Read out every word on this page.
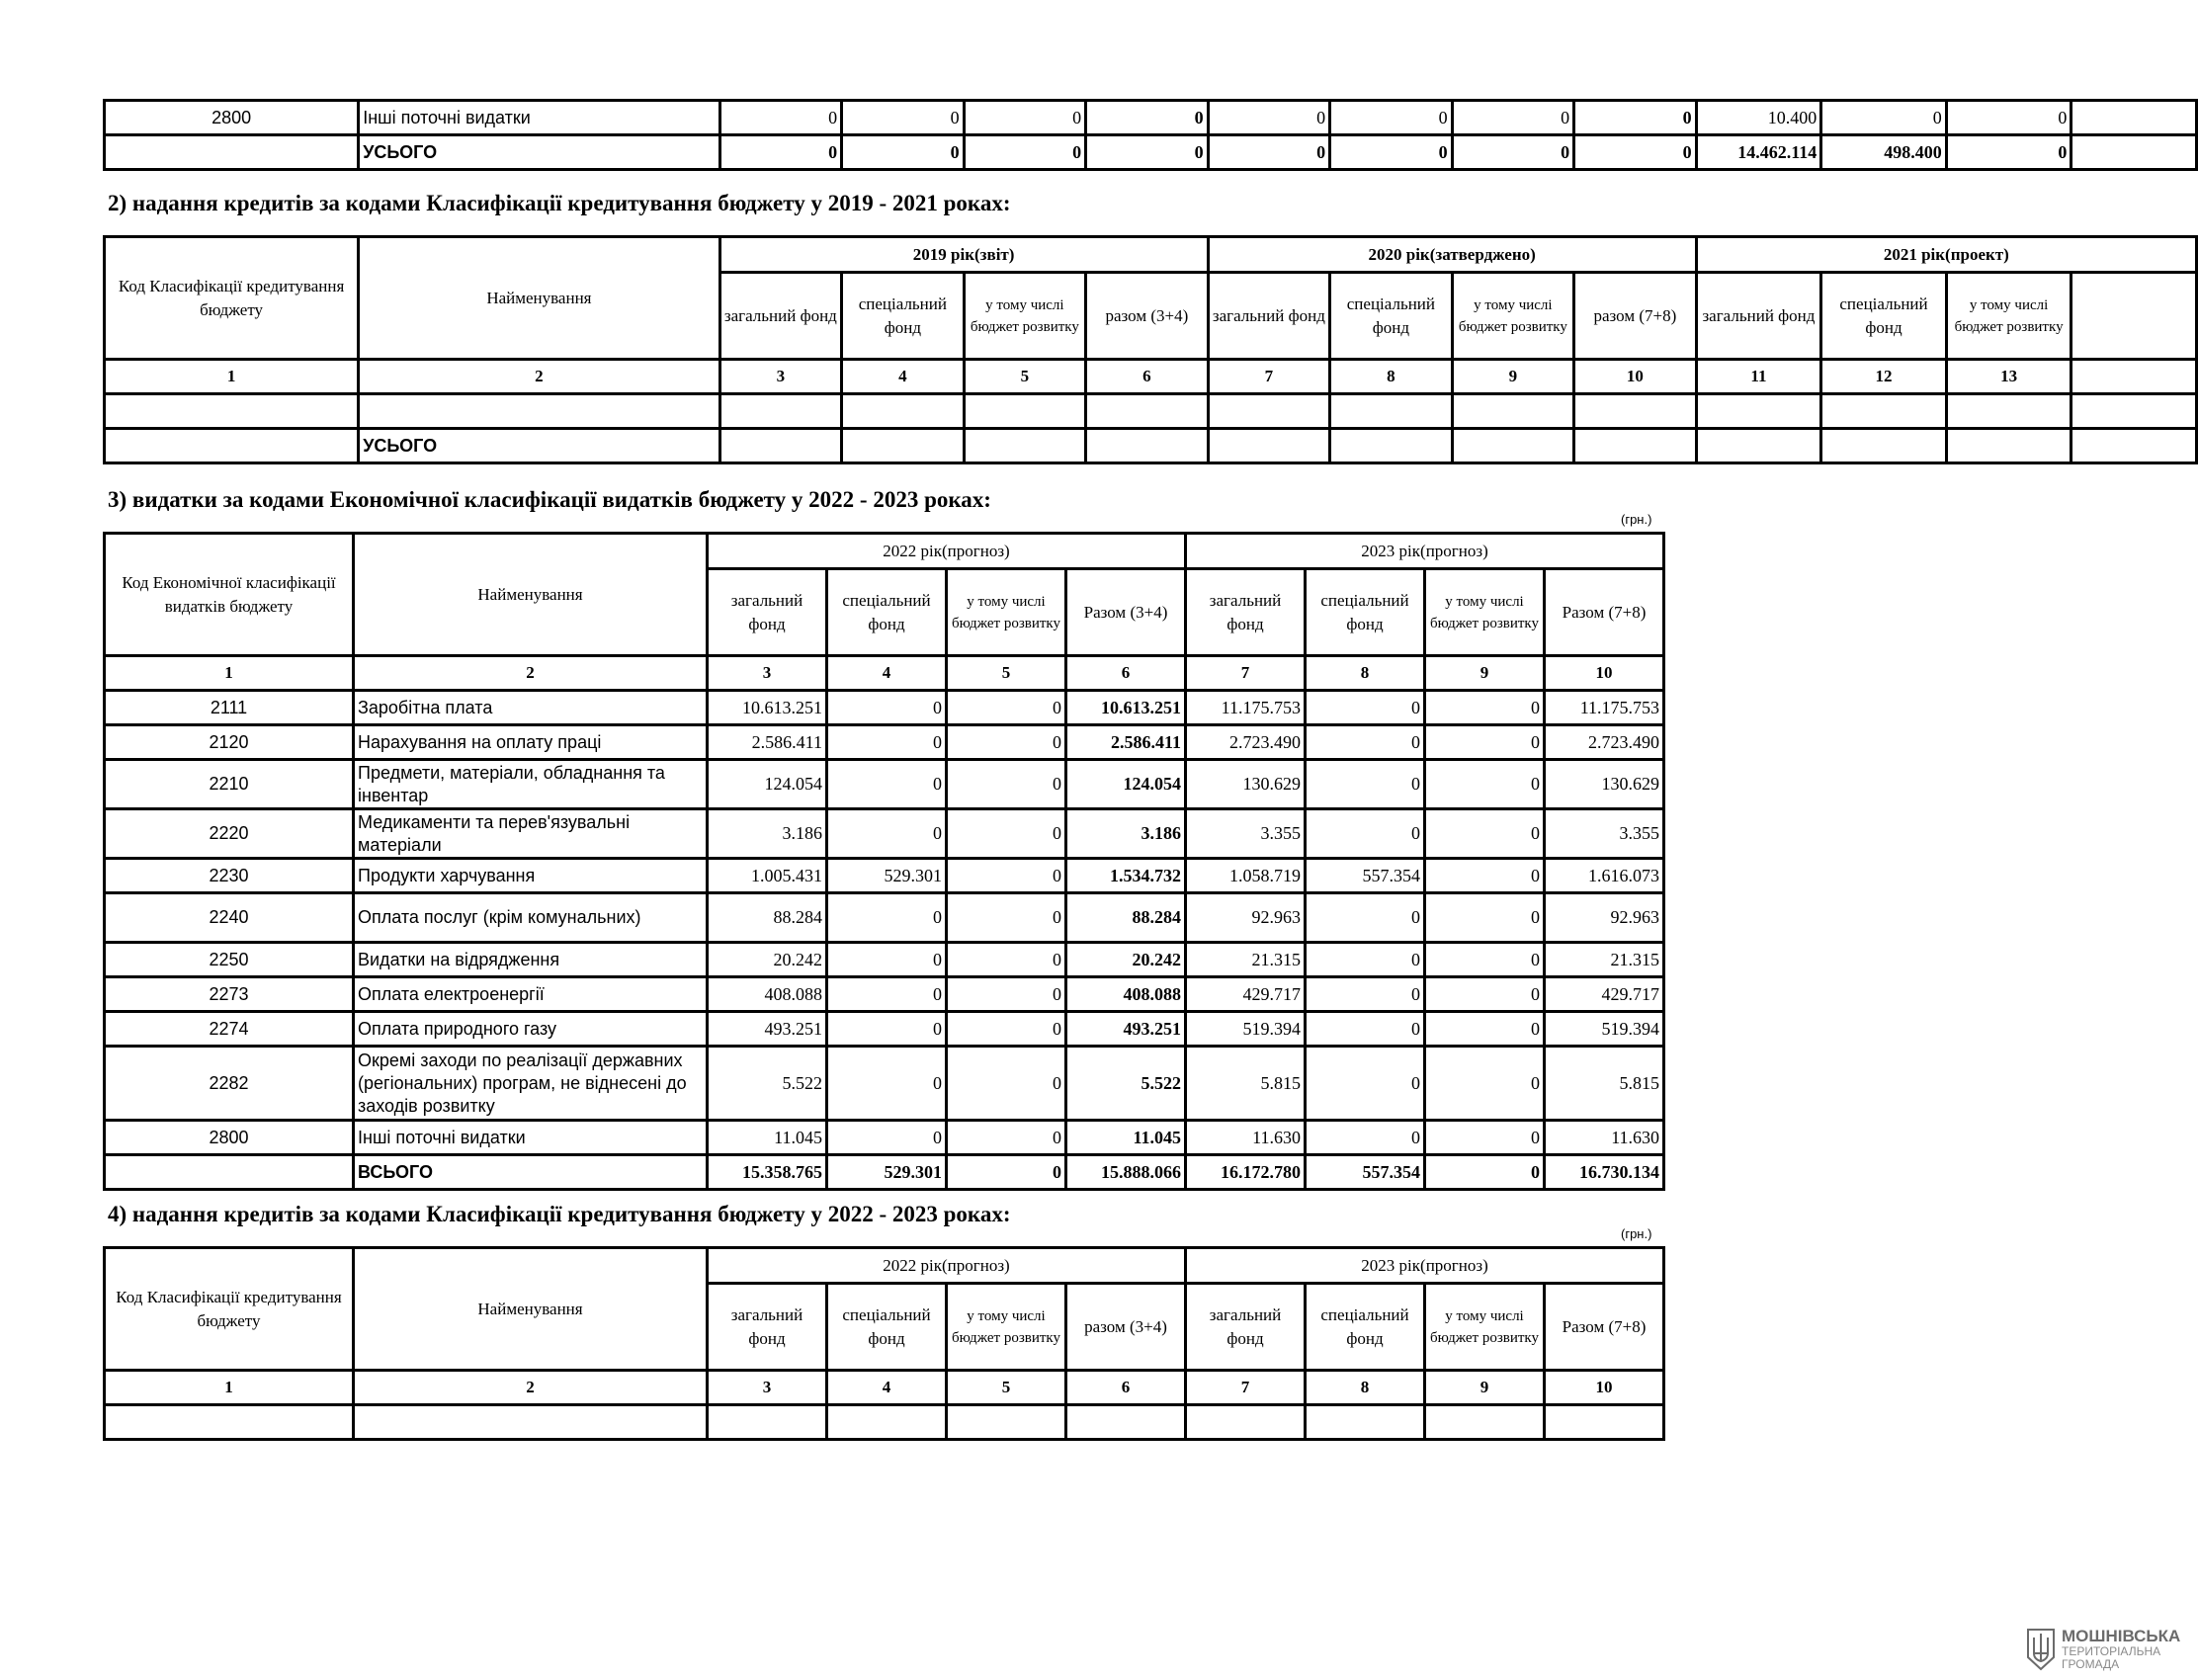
2800	Інші поточні видатки	0	0	0	0	0	0	0	0	10.400	0	0	
	УСЬОГО	0	0	0	0	0	0	0	0	14.462.114	498.400	0	
2) надання кредитів за кодами Класифікації кредитування бюджету у 2019 - 2021 роках:
Код Класифікації кредитування бюджету	Найменування	2019 рік(звіт)				2020 рік(затверджено)				2021 рік(проект)			
		загальний фонд	спеціальний фонд	у тому числі бюджет розвитку	разом (3+4)	загальний фонд	спеціальний фонд	у тому числі бюджет розвитку	разом (7+8)	загальний фонд	спеціальний фонд	у тому числі бюджет розвитку	
1	2	3	4	5	6	7	8	9	10	11	12	13	

	УСЬОГО												
3) видатки за кодами Економічної класифікації видатків бюджету у 2022 - 2023 роках:
(грн.)
Код Економічної класифікації видатків бюджету	Найменування	2022 рік(прогноз)				2023 рік(прогноз)			
		загальний фонд	спеціальний фонд	у тому числі бюджет розвитку	Разом (3+4)	загальний фонд	спеціальний фонд	у тому числі бюджет розвитку	Разом (7+8)
1	2	3	4	5	6	7	8	9	10
2111	Заробітна плата	10.613.251	0	0	10.613.251	11.175.753	0	0	11.175.753
2120	Нарахування на оплату праці	2.586.411	0	0	2.586.411	2.723.490	0	0	2.723.490
2210	Предмети, матеріали, обладнання та інвентар	124.054	0	0	124.054	130.629	0	0	130.629
2220	Медикаменти та перев'язувальні матеріали	3.186	0	0	3.186	3.355	0	0	3.355
2230	Продукти харчування	1.005.431	529.301	0	1.534.732	1.058.719	557.354	0	1.616.073
2240	Оплата послуг (крім комунальних)	88.284	0	0	88.284	92.963	0	0	92.963
2250	Видатки на відрядження	20.242	0	0	20.242	21.315	0	0	21.315
2273	Оплата електроенергії	408.088	0	0	408.088	429.717	0	0	429.717
2274	Оплата природного газу	493.251	0	0	493.251	519.394	0	0	519.394
2282	Окремі заходи по реалізації державних (регіональних) програм, не віднесені до заходів розвитку	5.522	0	0	5.522	5.815	0	0	5.815
2800	Інші поточні видатки	11.045	0	0	11.045	11.630	0	0	11.630
	ВСЬОГО	15.358.765	529.301	0	15.888.066	16.172.780	557.354	0	16.730.134
4) надання кредитів за кодами Класифікації кредитування бюджету у 2022 - 2023 роках:
(грн.)
Код Класифікації кредитування бюджету	Найменування	2022 рік(прогноз)				2023 рік(прогноз)			
		загальний фонд	спеціальний фонд	у тому числі бюджет розвитку	разом (3+4)	загальний фонд	спеціальний фонд	у тому числі бюджет розвитку	Разом (7+8)
1	2	3	4	5	6	7	8	9	10

МОШНІВСЬКА
ТЕРИТОРІАЛЬНА
ГРОМАДА
